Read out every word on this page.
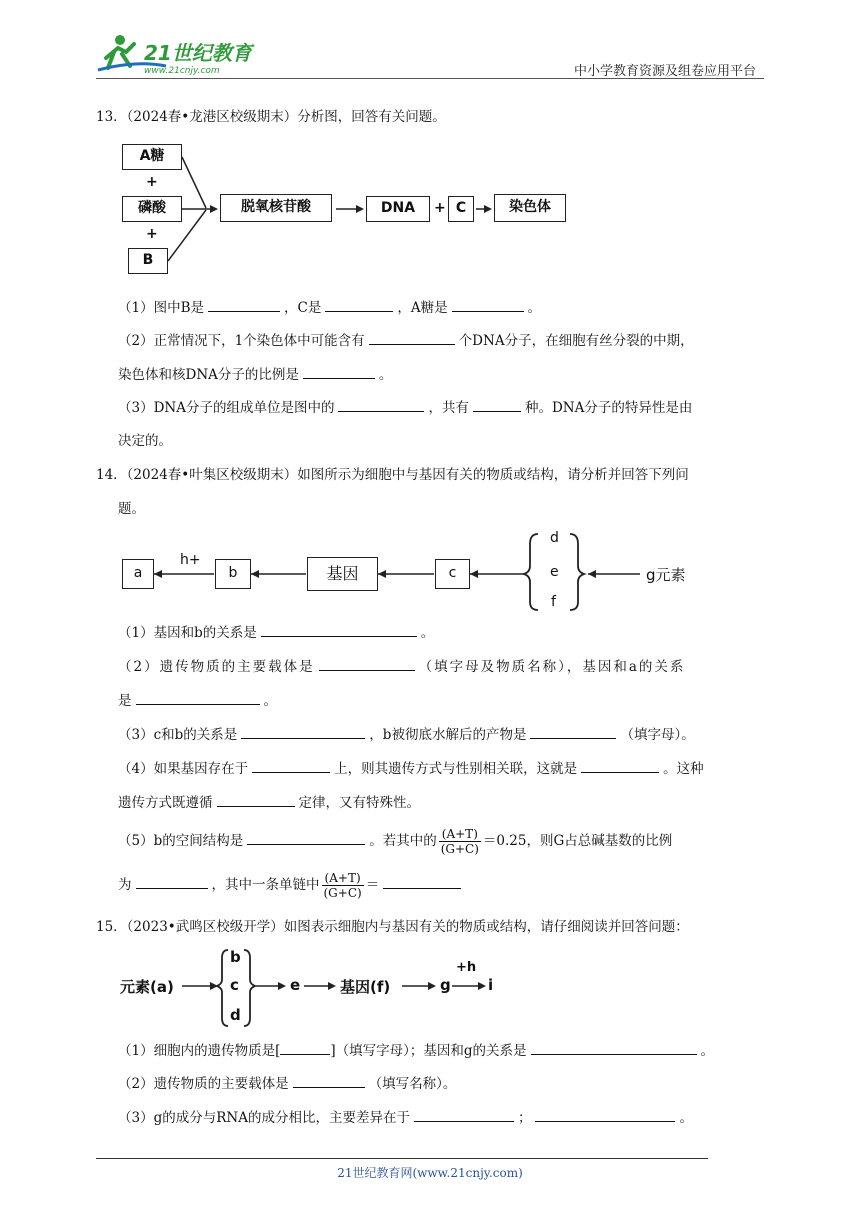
21世纪教育
www.21cnjy.com	中小学教育资源及组卷应用平台
13．（2024春•龙港区校级期末）分析图，回答有关问题。
A糖
+
磷酸
+
B
脱氧核苷酸	DNA	+ C	染色体
（1）图中B是	，C是	，A糖是	。
（2）正常情况下，1个染色体中可能含有	个DNA分子，在细胞有丝分裂的中期，
染色体和核DNA分子的比例是	。
（3）DNA分子的组成单位是图中的	，共有	种。DNA分子的特异性是由
决定的。
14．（2024春•叶集区校级期末）如图所示为细胞中与基因有关的物质或结构，请分析并回答下列问
题。
a
h+
b	基因	c
d
e
f
g元素
（1）基因和b的关系是	。
（2）遗传物质的主要载体是	（填字母及物质名称），基因和a的关系
是	。
（3）c和b的关系是	，b被彻底水解后的产物是	（填字母）。
（4）如果基因存在于	上，则其遗传方式与性别相关联，这就是	。这种
遗传方式既遵循	定律，又有特殊性。
（5）b的空间结构是	。若其中的 $\frac{(A+T)}{(G+C)} =0.25$，则G占总碱基数的比例
为	，其中一条单链中 $\frac{(A+T)}{(G+C)}$ ＝
15．（2023•武鸣区校级开学）如图表示细胞内与基因有关的物质或结构，请仔细阅读并回答问题：
元素(a)
b
c
d
e	基因(f)	g
+h
i
（1）细胞内的遗传物质是[	]（填写字母）；基因和g的关系是	。
（2）遗传物质的主要载体是	（填写名称）。
（3）g的成分与RNA的成分相比，主要差异在于	；	。
21世纪教育网(www.21cnjy.com)
